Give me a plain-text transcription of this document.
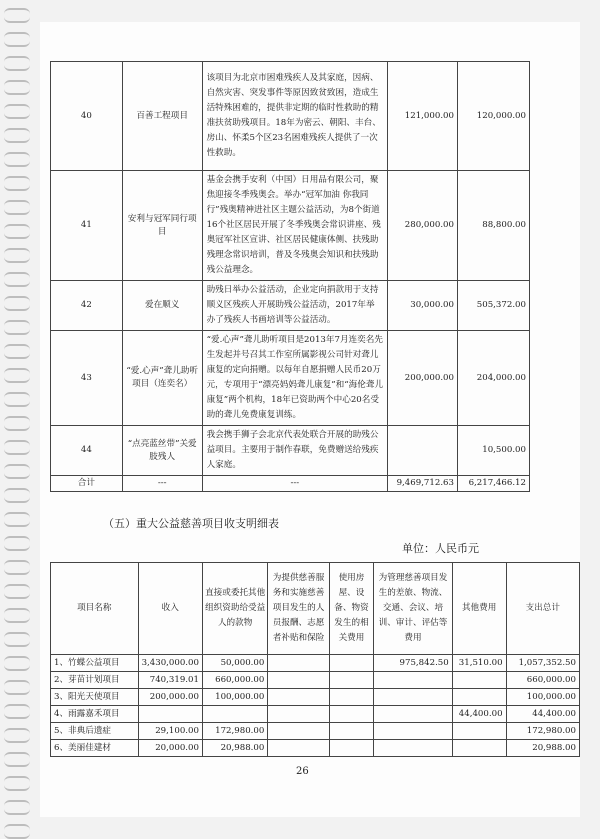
40	百善工程项目	该项目为北京市困难残疾人及其家庭，因病、自然灾害、突发事件等原因致贫致困，造成生活特殊困难的，提供非定期的临时性救助的精准扶贫助残项目。18年为密云、朝阳、丰台、房山、怀柔5个区23名困难残疾人提供了一次性救助。	121,000.00	120,000.00
41	安利与冠军同行项目	基金会携手安利（中国）日用品有限公司，聚焦迎接冬季残奥会。举办“冠军加油 你我同行”残奥精神进社区主题公益活动，为8个街道16个社区居民开展了冬季残奥会常识讲座、残奥冠军社区宣讲、社区居民健康体侧、扶残助残理念常识培训，普及冬残奥会知识和扶残助残公益理念。	280,000.00	88,800.00
42	爱在顺义	助残日举办公益活动，企业定向捐款用于支持顺义区残疾人开展助残公益活动，2017年举办了残疾人书画培训等公益活动。	30,000.00	505,372.00
43	“爱.心声”聋儿助听项目（连奕名）	“爱.心声”聋儿助听项目是2013年7月连奕名先生发起并号召其工作室所属影视公司针对聋儿康复的定向捐赠。以每年自愿捐赠人民币20万元，专项用于“漂亮妈妈聋儿康复”和“海伦聋儿康复”两个机构，18年已资助两个中心20名受助的聋儿免费康复训练。	200,000.00	204,000.00
44	“点亮蓝丝带”关爱肢残人	我会携手狮子会北京代表处联合开展的助残公益项目。主要用于制作春联，免费赠送给残疾人家庭。		10,500.00
合计	---	---	9,469,712.63	6,217,466.12
（五）重大公益慈善项目收支明细表
单位：人民币元
项目名称	收入	直接或委托其他组织资助给受益人的款物	为提供慈善服务和实施慈善项目发生的人员报酬、志愿者补贴和保险	使用房屋、设备、物资发生的相关费用	为管理慈善项目发生的差旅、物流、交通、会议、培训、审计、评估等费用	其他费用	支出总计
1、竹蝶公益项目	3,430,000.00	50,000.00			975,842.50	31,510.00	1,057,352.50
2、芽苗计划项目	740,319.01	660,000.00					660,000.00
3、阳光天使项目	200,000.00	100,000.00					100,000.00
4、雨露嘉禾项目						44,400.00	44,400.00
5、非典后遗症	29,100.00	172,980.00					172,980.00
6、美丽佳建材	20,000.00	20,988.00					20,988.00
26
